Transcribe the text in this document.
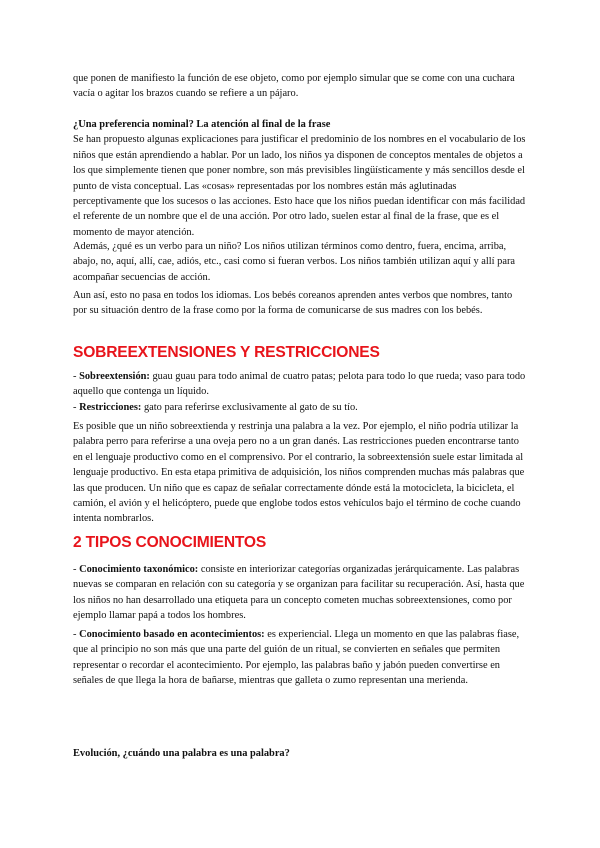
que ponen de manifiesto la función de ese objeto, como por ejemplo simular que se come con una cuchara vacía o agitar los brazos cuando se refiere a un pájaro.

¿Una preferencia nominal? La atención al final de la frase

Se han propuesto algunas explicaciones para justificar el predominio de los nombres en el vocabulario de los niños que están aprendiendo a hablar. Por un lado, los niños ya disponen de conceptos mentales de objetos a los que simplemente tienen que poner nombre, son más previsibles lingüísticamente y más sencillos desde el punto de vista conceptual. Las «cosas» representadas por los nombres están más aglutinadas perceptivamente que los sucesos o las acciones. Esto hace que los niños puedan identificar con más facilidad el referente de un nombre que el de una acción. Por otro lado, suelen estar al final de la frase, que es el momento de mayor atención.

Además, ¿qué es un verbo para un niño? Los niños utilizan términos como dentro, fuera, encima, arriba, abajo, no, aquí, allí, cae, adiós, etc., casi como si fueran verbos. Los niños también utilizan aquí y allí para acompañar secuencias de acción.

Aun así, esto no pasa en todos los idiomas. Los bebés coreanos aprenden antes verbos que nombres, tanto por su situación dentro de la frase como por la forma de comunicarse de sus madres con los bebés.

SOBREEXTENSIONES Y RESTRICCIONES

- Sobreextensión: guau guau para todo animal de cuatro patas; pelota para todo lo que rueda; vaso para todo aquello que contenga un líquido.

- Restricciones: gato para referirse exclusivamente al gato de su tío.

Es posible que un niño sobreextienda y restrinja una palabra a la vez. Por ejemplo, el niño podría utilizar la palabra perro para referirse a una oveja pero no a un gran danés. Las restricciones pueden encontrarse tanto en el lenguaje productivo como en el comprensivo. Por el contrario, la sobreextensión suele estar limitada al lenguaje productivo. En esta etapa primitiva de adquisición, los niños comprenden muchas más palabras que las que producen. Un niño que es capaz de señalar correctamente dónde está la motocicleta, la bicicleta, el camión, el avión y el helicóptero, puede que englobe todos estos vehículos bajo el término de coche cuando intenta nombrarlos.

2 TIPOS CONOCIMIENTOS

- Conocimiento taxonómico: consiste en interiorizar categorías organizadas jerárquicamente. Las palabras nuevas se comparan en relación con su categoría y se organizan para facilitar su recuperación. Así, hasta que los niños no han desarrollado una etiqueta para un concepto cometen muchas sobreextensiones, como por ejemplo llamar papá a todos los hombres.

- Conocimiento basado en acontecimientos: es experiencial. Llega un momento en que las palabras fiase, que al principio no son más que una parte del guión de un ritual, se convierten en señales que permiten representar o recordar el acontecimiento. Por ejemplo, las palabras baño y jabón pueden convertirse en señales de que llega la hora de bañarse, mientras que galleta o zumo representan una merienda.

Evolución, ¿cuándo una palabra es una palabra?
